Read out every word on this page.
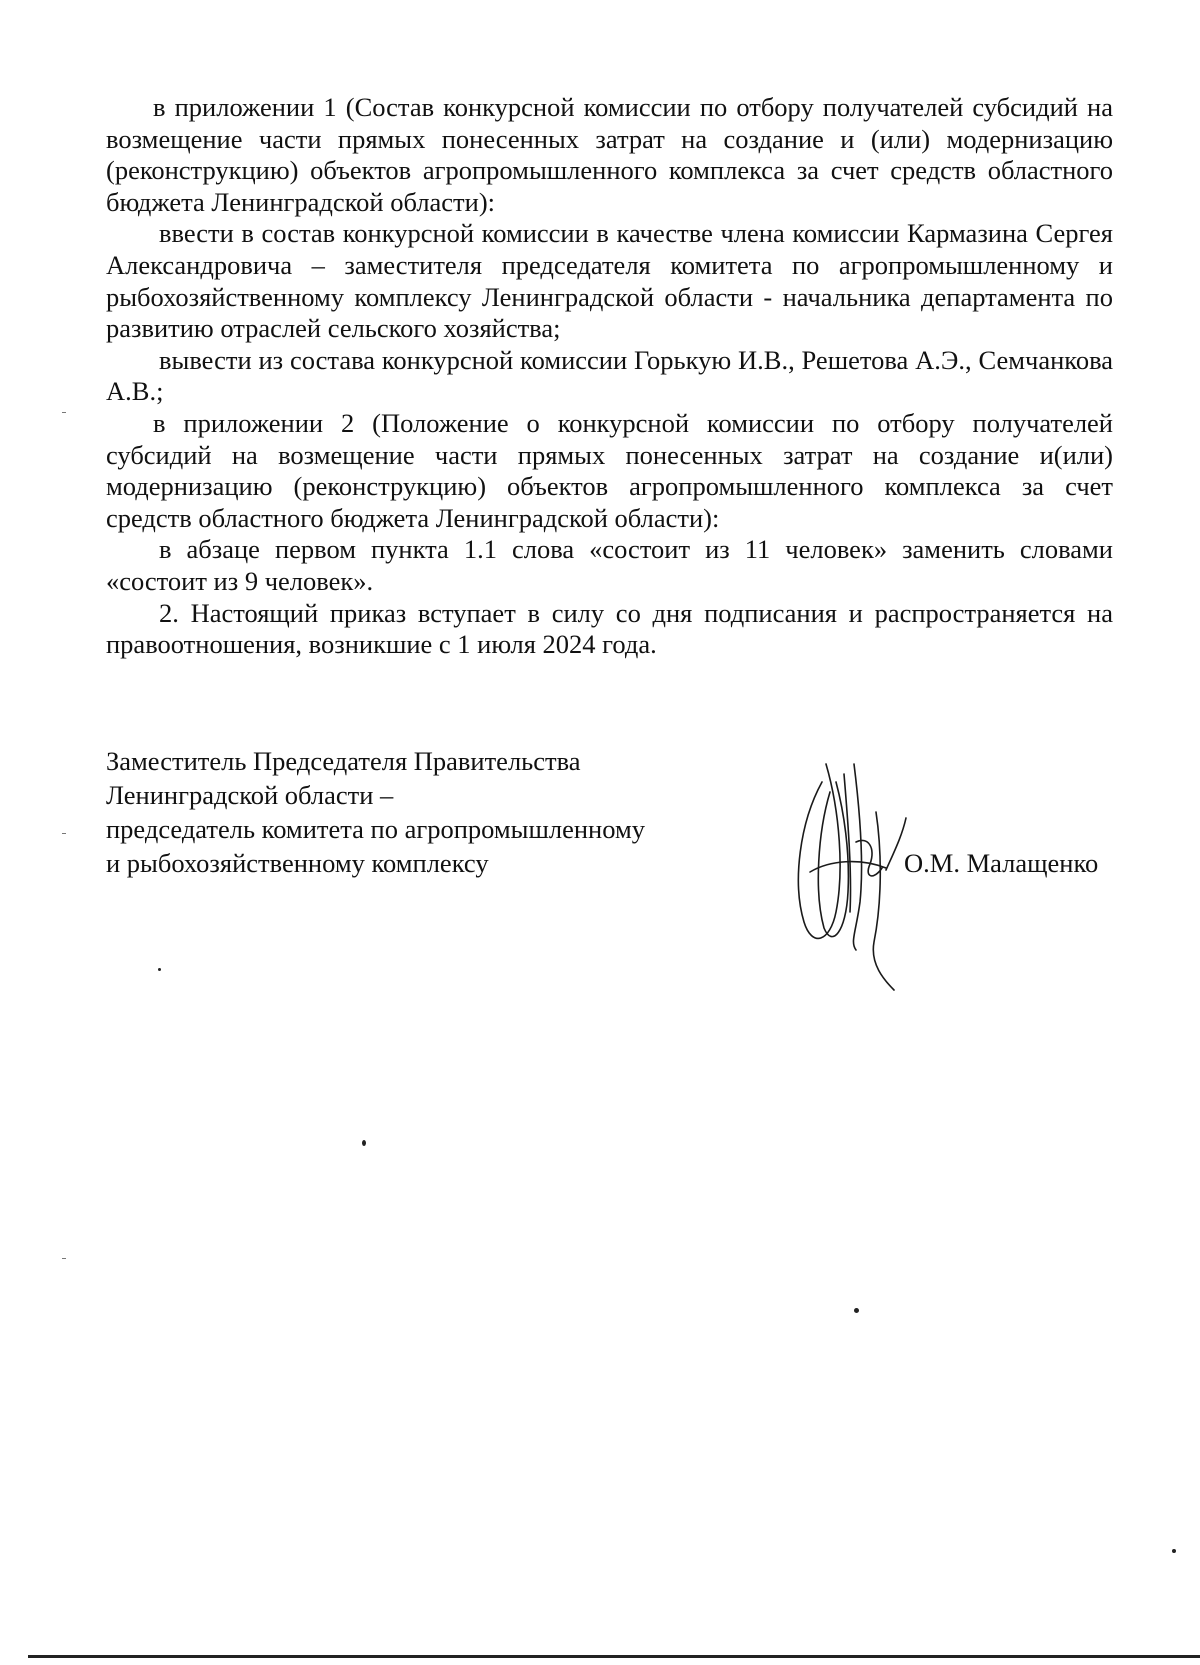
в приложении 1 (Состав конкурсной комиссии по отбору получателей субсидий на возмещение части прямых понесенных затрат на создание и (или) модернизацию (реконструкцию) объектов агропромышленного комплекса за счет средств областного бюджета Ленинградской области):

ввести в состав конкурсной комиссии в качестве члена комиссии Кармазина Сергея Александровича – заместителя председателя комитета по агропромышленному и рыбохозяйственному комплексу Ленинградской области - начальника департамента по развитию отраслей сельского хозяйства;

вывести из состава конкурсной комиссии Горькую И.В., Решетова А.Э., Семчанкова А.В.;

в приложении 2 (Положение о конкурсной комиссии по отбору получателей субсидий на возмещение части прямых понесенных затрат на создание и(или) модернизацию (реконструкцию) объектов агропромышленного комплекса за счет средств областного бюджета Ленинградской области):

в абзаце первом пункта 1.1 слова «состоит из 11 человек» заменить словами «состоит из 9 человек».

2. Настоящий приказ вступает в силу со дня подписания и распространяется на правоотношения, возникшие с 1 июля 2024 года.

Заместитель Председателя Правительства
Ленинградской области –
председатель комитета по агропромышленному
и рыбохозяйственному комплексу	О.М. Малащенко
